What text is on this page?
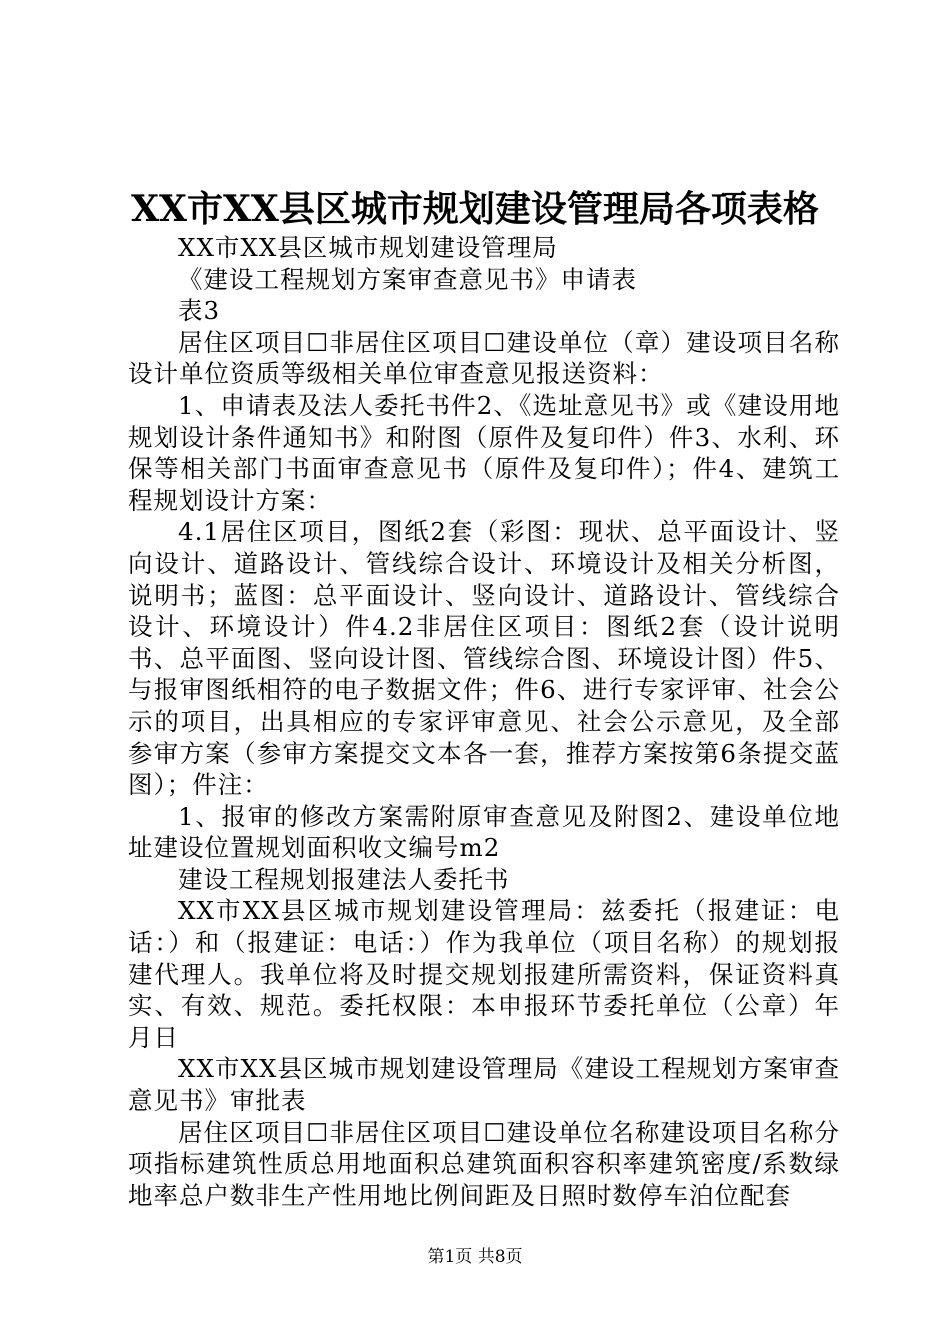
XX市XX县区城市规划建设管理局各项表格

XX市XX县区城市规划建设管理局

《建设工程规划方案审查意见书》申请表

表3

居住区项目☐非居住区项目☐建设单位（章）建设项目名称设计单位资质等级相关单位审查意见报送资料：

1、申请表及法人委托书件2、《选址意见书》或《建设用地规划设计条件通知书》和附图（原件及复印件）件3、水利、环保等相关部门书面审查意见书（原件及复印件）；件4、建筑工程规划设计方案：

4.1居住区项目，图纸2套（彩图：现状、总平面设计、竖向设计、道路设计、管线综合设计、环境设计及相关分析图，说明书；蓝图：总平面设计、竖向设计、道路设计、管线综合设计、环境设计）件4.2非居住区项目：图纸2套（设计说明书、总平面图、竖向设计图、管线综合图、环境设计图）件5、与报审图纸相符的电子数据文件；件6、进行专家评审、社会公示的项目，出具相应的专家评审意见、社会公示意见，及全部参审方案（参审方案提交文本各一套，推荐方案按第6条提交蓝图）；件注：

1、报审的修改方案需附原审查意见及附图2、建设单位地址建设位置规划面积收文编号m2

建设工程规划报建法人委托书

XX市XX县区城市规划建设管理局：兹委托（报建证：电话：）和（报建证：电话：）作为我单位（项目名称）的规划报建代理人。我单位将及时提交规划报建所需资料，保证资料真实、有效、规范。委托权限：本申报环节委托单位（公章）年月日

XX市XX县区城市规划建设管理局《建设工程规划方案审查意见书》审批表

居住区项目☐非居住区项目☐建设单位名称建设项目名称分项指标建筑性质总用地面积总建筑面积容积率建筑密度/系数绿地率总户数非生产性用地比例间距及日照时数停车泊位配套

第1页 共8页
